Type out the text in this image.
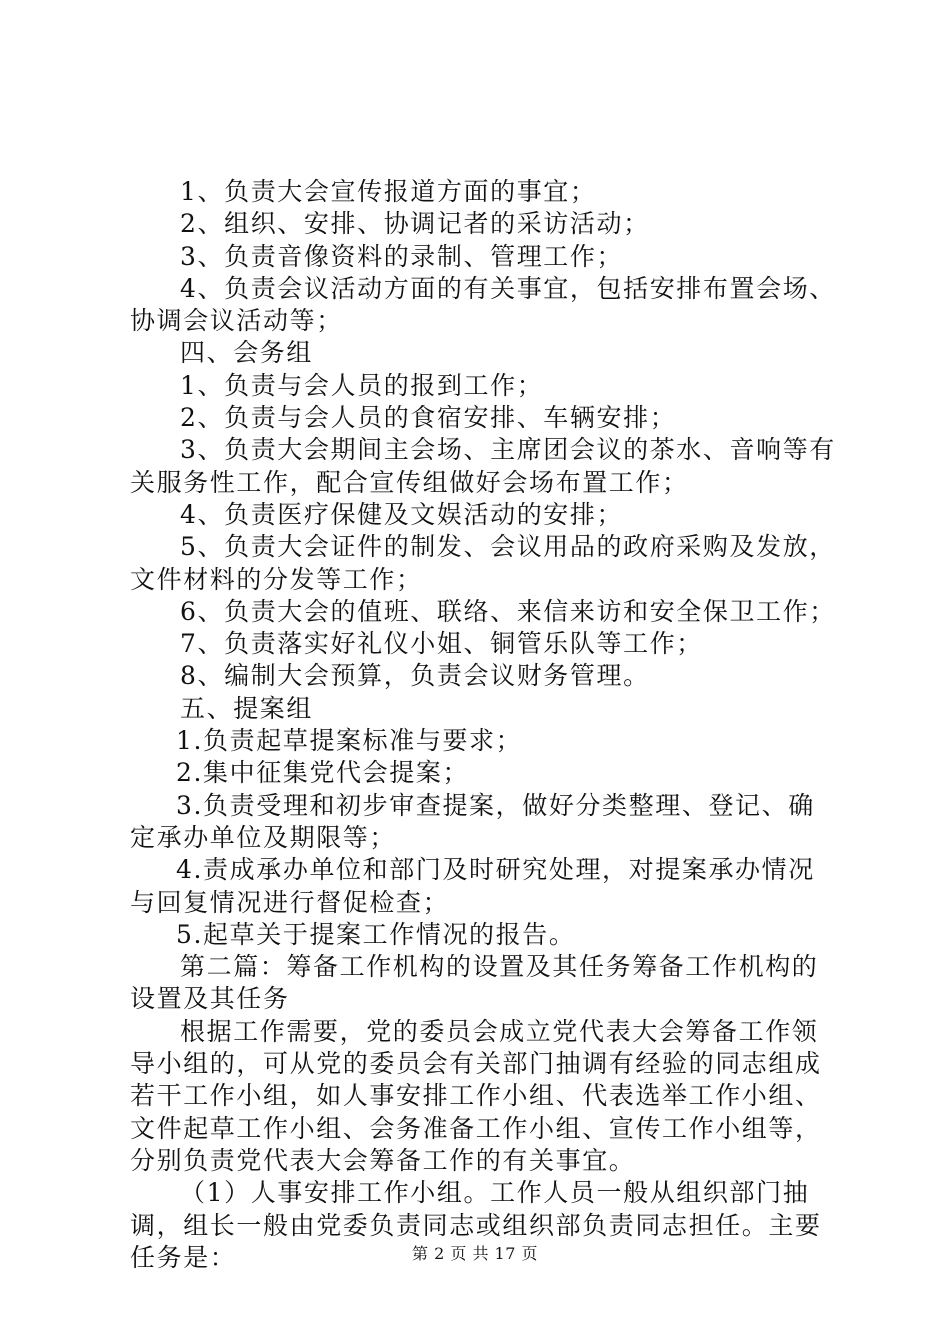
1、负责大会宣传报道方面的事宜；

2、组织、安排、协调记者的采访活动；

3、负责音像资料的录制、管理工作；

4、负责会议活动方面的有关事宜，包括安排布置会场、协调会议活动等；

四、会务组

1、负责与会人员的报到工作；

2、负责与会人员的食宿安排、车辆安排；

3、负责大会期间主会场、主席团会议的茶水、音响等有关服务性工作，配合宣传组做好会场布置工作；

4、负责医疗保健及文娱活动的安排；

5、负责大会证件的制发、会议用品的政府采购及发放，文件材料的分发等工作；

6、负责大会的值班、联络、来信来访和安全保卫工作；

7、负责落实好礼仪小姐、铜管乐队等工作；

8、编制大会预算，负责会议财务管理。

五、提案组

1.负责起草提案标准与要求；

2.集中征集党代会提案；

3.负责受理和初步审查提案，做好分类整理、登记、确定承办单位及期限等；

4.责成承办单位和部门及时研究处理，对提案承办情况与回复情况进行督促检查；

5.起草关于提案工作情况的报告。

第二篇：筹备工作机构的设置及其任务筹备工作机构的设置及其任务

根据工作需要，党的委员会成立党代表大会筹备工作领导小组的，可从党的委员会有关部门抽调有经验的同志组成若干工作小组，如人事安排工作小组、代表选举工作小组、文件起草工作小组、会务准备工作小组、宣传工作小组等，分别负责党代表大会筹备工作的有关事宜。

（1）人事安排工作小组。工作人员一般从组织部门抽调，组长一般由党委负责同志或组织部负责同志担任。主要任务是：	第 2 页 共 17 页
